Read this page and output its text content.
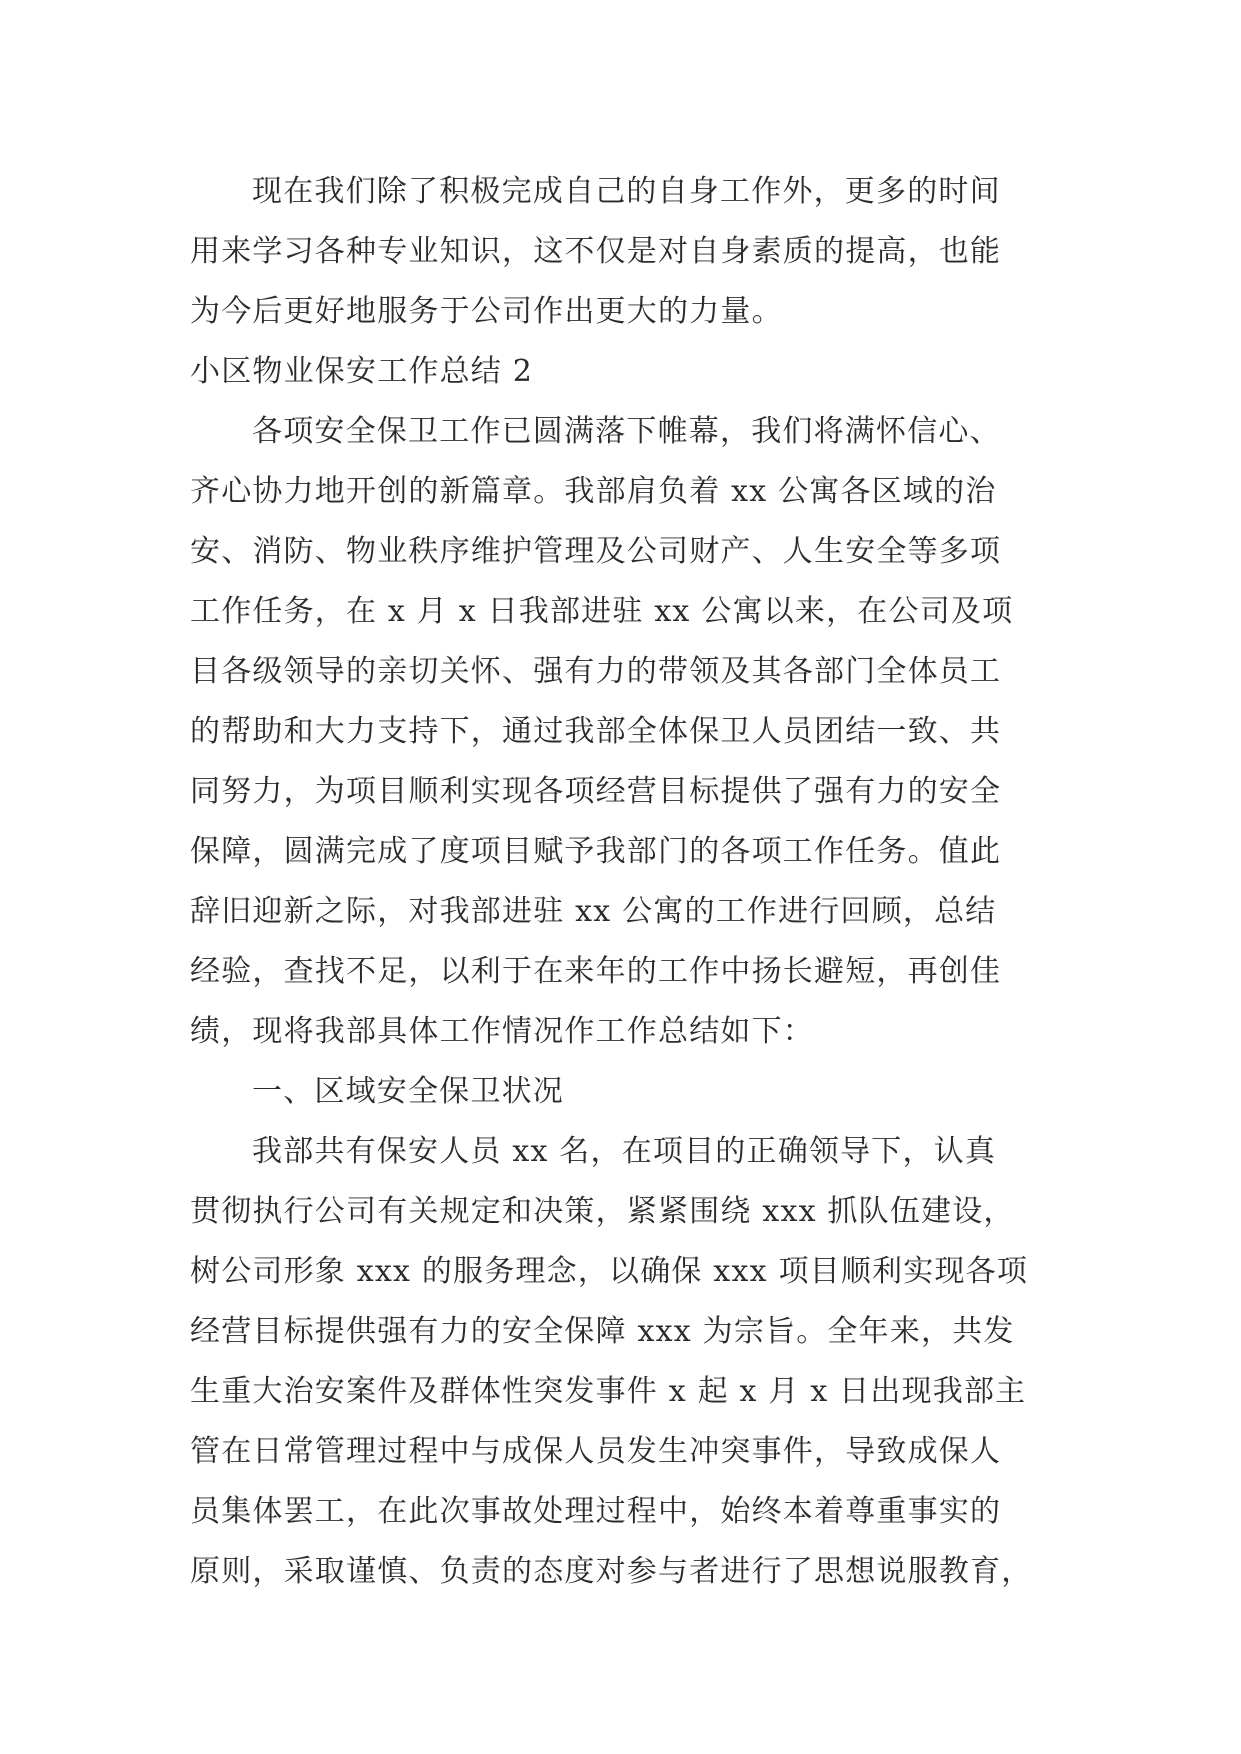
现在我们除了积极完成自己的自身工作外，更多的时间
用来学习各种专业知识，这不仅是对自身素质的提高，也能
为今后更好地服务于公司作出更大的力量。
小区物业保安工作总结 2
各项安全保卫工作已圆满落下帷幕，我们将满怀信心、
齐心协力地开创的新篇章。我部肩负着 xx 公寓各区域的治
安、消防、物业秩序维护管理及公司财产、人生安全等多项
工作任务，在 x 月 x 日我部进驻 xx 公寓以来，在公司及项
目各级领导的亲切关怀、强有力的带领及其各部门全体员工
的帮助和大力支持下，通过我部全体保卫人员团结一致、共
同努力，为项目顺利实现各项经营目标提供了强有力的安全
保障，圆满完成了度项目赋予我部门的各项工作任务。值此
辞旧迎新之际，对我部进驻 xx 公寓的工作进行回顾，总结
经验，查找不足，以利于在来年的工作中扬长避短，再创佳
绩，现将我部具体工作情况作工作总结如下：
一、区域安全保卫状况
我部共有保安人员 xx 名，在项目的正确领导下，认真
贯彻执行公司有关规定和决策，紧紧围绕 xxx 抓队伍建设，
树公司形象 xxx 的服务理念，以确保 xxx 项目顺利实现各项
经营目标提供强有力的安全保障 xxx 为宗旨。全年来，共发
生重大治安案件及群体性突发事件 x 起 x 月 x 日出现我部主
管在日常管理过程中与成保人员发生冲突事件，导致成保人
员集体罢工，在此次事故处理过程中，始终本着尊重事实的
原则，采取谨慎、负责的态度对参与者进行了思想说服教育，
